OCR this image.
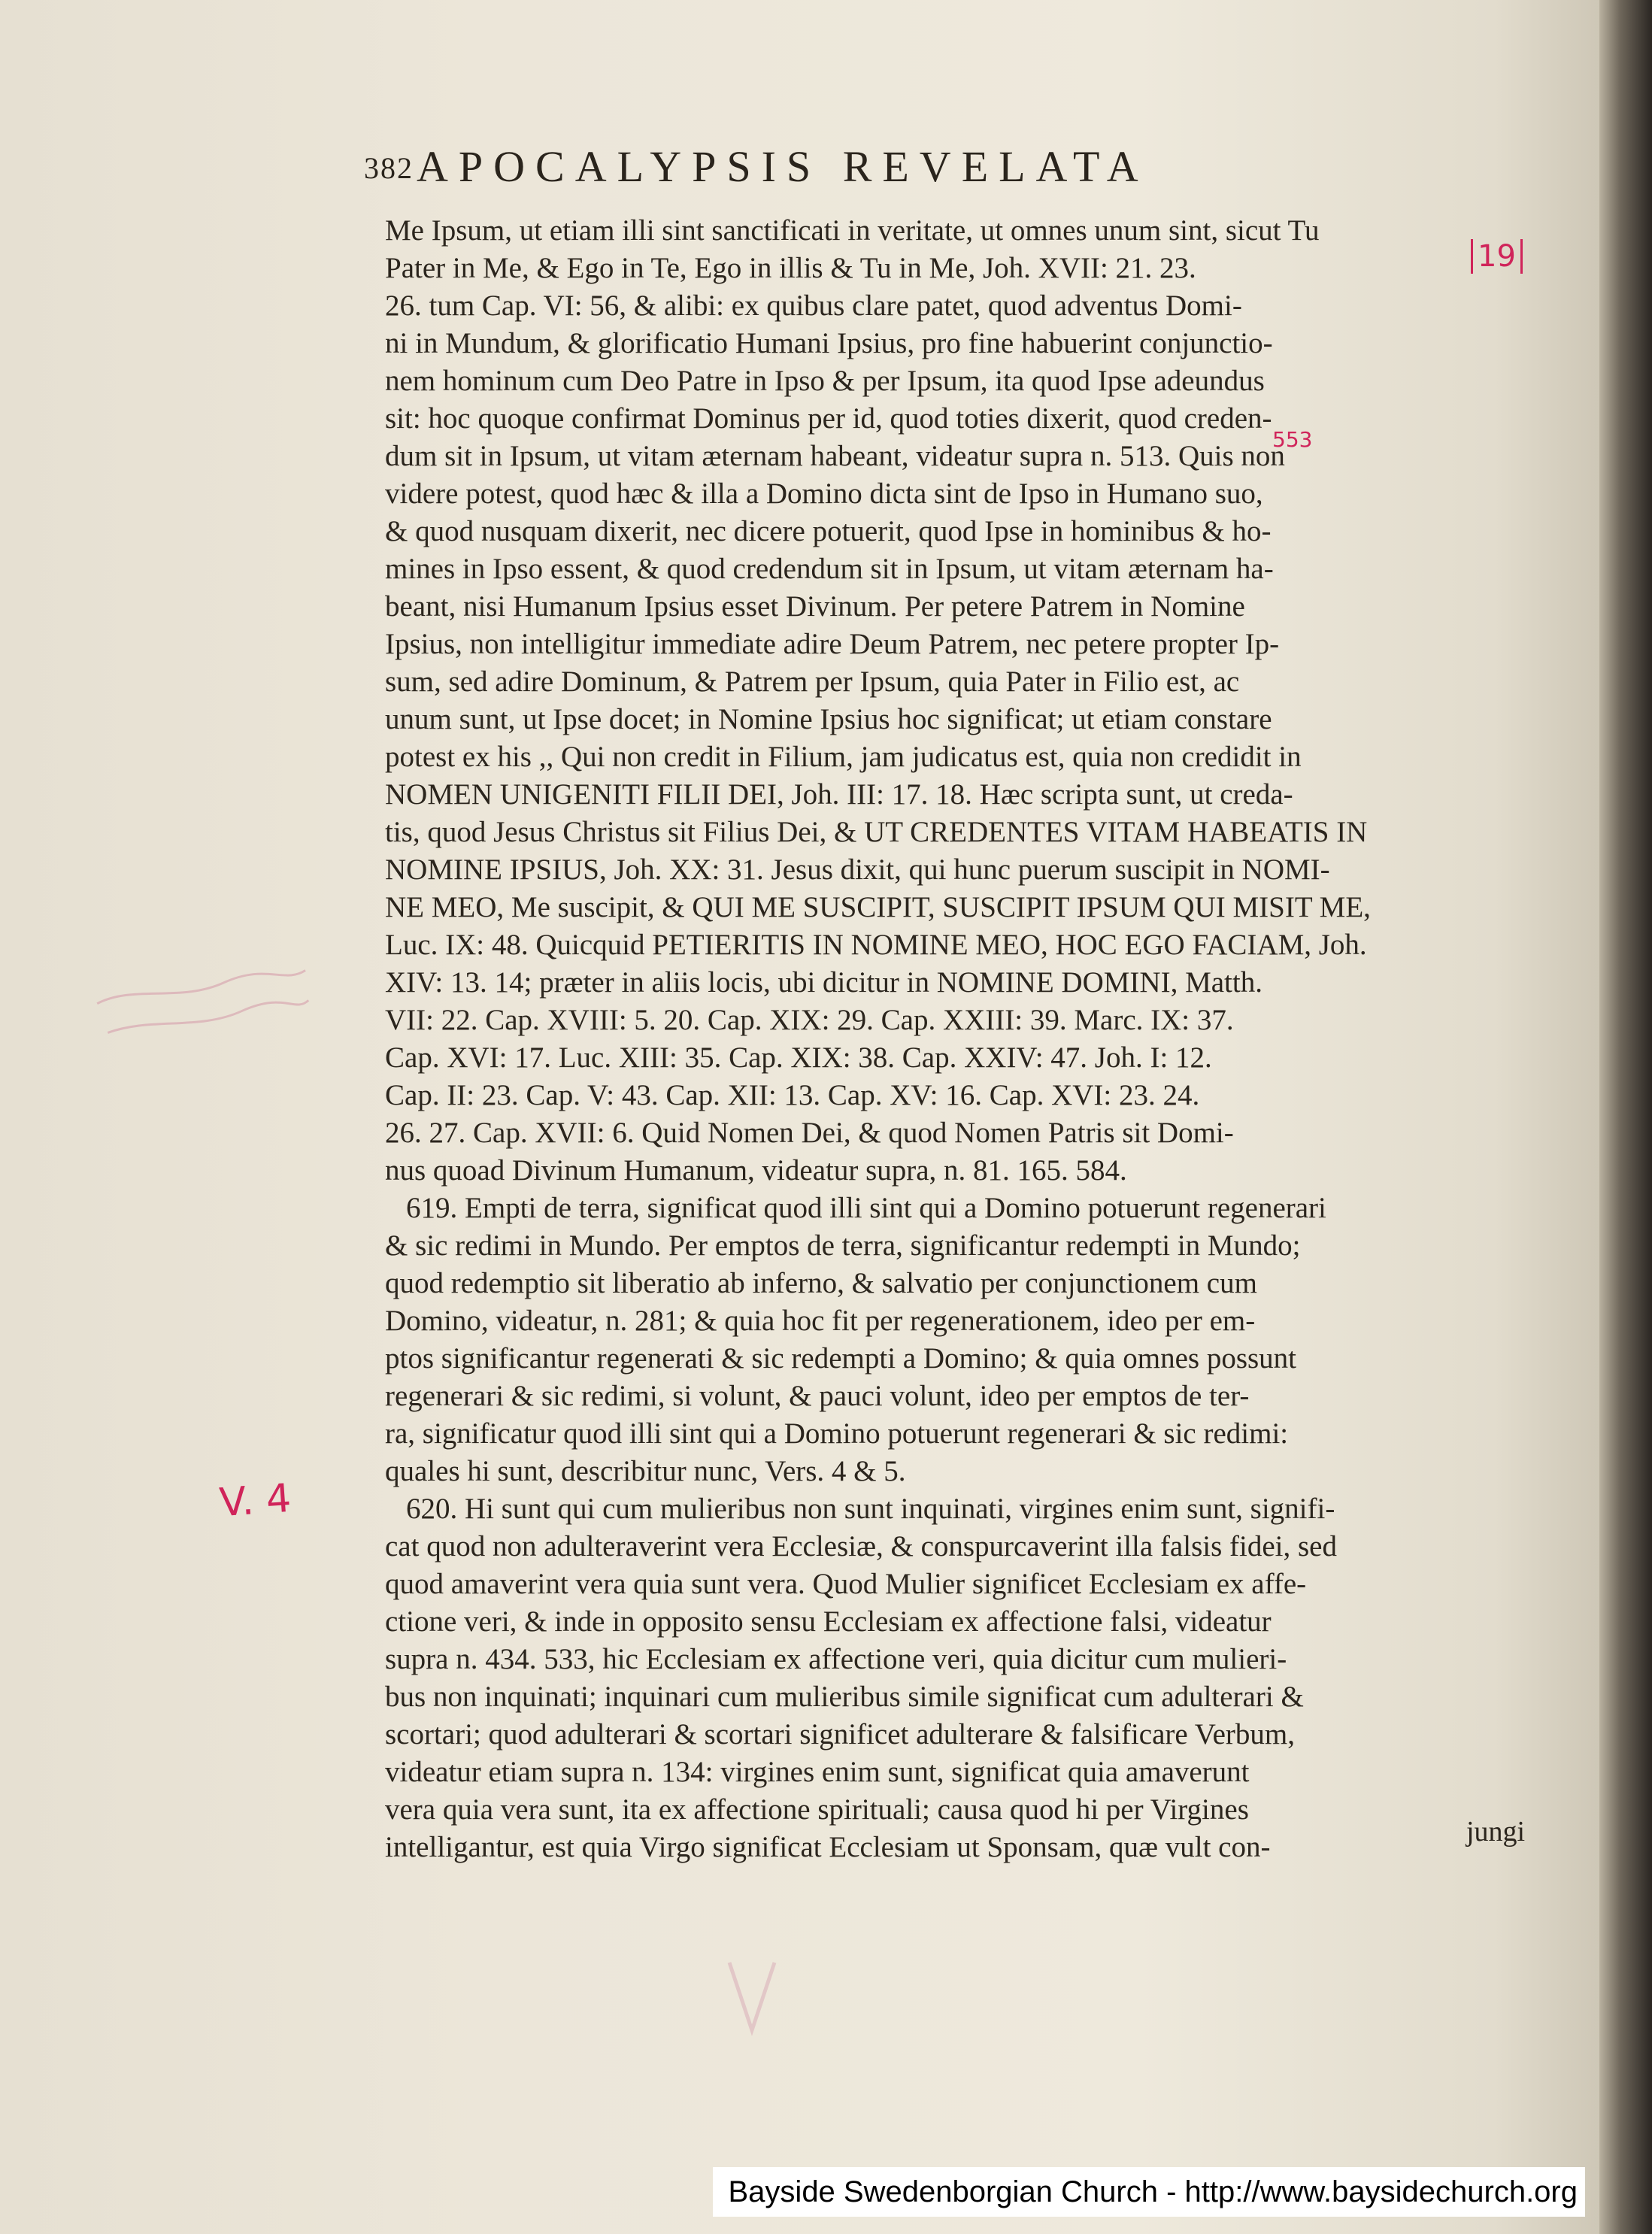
382 APOCALYPSIS REVELATA
Me Ipsum, ut etiam illi sint sanctificati in veritate, ut omnes unum sint, sicut Tu
Pater in Me, & Ego in Te, Ego in illis & Tu in Me, Joh. XVII: 21. 23.
26. tum Cap. VI: 56, & alibi: ex quibus clare patet, quod adventus Domi-
ni in Mundum, & glorificatio Humani Ipsius, pro fine habuerint conjunctio-
nem hominum cum Deo Patre in Ipso & per Ipsum, ita quod Ipse adeundus
sit: hoc quoque confirmat Dominus per id, quod toties dixerit, quod creden-
dum sit in Ipsum, ut vitam æternam habeant, videatur supra n. 513. Quis non
videre potest, quod hæc & illa a Domino dicta sint de Ipso in Humano suo,
& quod nusquam dixerit, nec dicere potuerit, quod Ipse in hominibus & ho-
mines in Ipso essent, & quod credendum sit in Ipsum, ut vitam æternam ha-
beant, nisi Humanum Ipsius esset Divinum. Per petere Patrem in Nomine
Ipsius, non intelligitur immediate adire Deum Patrem, nec petere propter Ip-
sum, sed adire Dominum, & Patrem per Ipsum, quia Pater in Filio est, ac
unum sunt, ut Ipse docet; in Nomine Ipsius hoc significat; ut etiam constare
potest ex his ,, Qui non credit in Filium, jam judicatus est, quia non credidit in
NOMEN UNIGENITI FILII DEI, Joh. III: 17. 18. Hæc scripta sunt, ut creda-
tis, quod Jesus Christus sit Filius Dei, & UT CREDENTES VITAM HABEATIS IN
NOMINE IPSIUS, Joh. XX: 31. Jesus dixit, qui hunc puerum suscipit in NOMI-
NE MEO, Me suscipit, & QUI ME SUSCIPIT, SUSCIPIT IPSUM QUI MISIT ME,
Luc. IX: 48. Quicquid PETIERITIS IN NOMINE MEO, HOC EGO FACIAM, Joh.
XIV: 13. 14; præter in aliis locis, ubi dicitur in NOMINE DOMINI, Matth.
VII: 22. Cap. XVIII: 5. 20. Cap. XIX: 29. Cap. XXIII: 39. Marc. IX: 37.
Cap. XVI: 17. Luc. XIII: 35. Cap. XIX: 38. Cap. XXIV: 47. Joh. I: 12.
Cap. II: 23. Cap. V: 43. Cap. XII: 13. Cap. XV: 16. Cap. XVI: 23. 24.
26. 27. Cap. XVII: 6. Quid Nomen Dei, & quod Nomen Patris sit Domi-
nus quoad Divinum Humanum, videatur supra, n. 81. 165. 584.
619. Empti de terra, significat quod illi sint qui a Domino potuerunt regenerari
& sic redimi in Mundo. Per emptos de terra, significantur redempti in Mundo;
quod redemptio sit liberatio ab inferno, & salvatio per conjunctionem cum
Domino, videatur, n. 281; & quia hoc fit per regenerationem, ideo per em-
ptos significantur regenerati & sic redempti a Domino; & quia omnes possunt
regenerari & sic redimi, si volunt, & pauci volunt, ideo per emptos de ter-
ra, significatur quod illi sint qui a Domino potuerunt regenerari & sic redimi:
quales hi sunt, describitur nunc, Vers. 4 & 5.
620. Hi sunt qui cum mulieribus non sunt inquinati, virgines enim sunt, signifi-
cat quod non adulteraverint vera Ecclesiæ, & conspurcaverint illa falsis fidei, sed
quod amaverint vera quia sunt vera. Quod Mulier significet Ecclesiam ex affe-
ctione veri, & inde in opposito sensu Ecclesiam ex affectione falsi, videatur
supra n. 434. 533, hic Ecclesiam ex affectione veri, quia dicitur cum mulieri-
bus non inquinati; inquinari cum mulieribus simile significat cum adulterari &
scortari; quod adulterari & scortari significet adulterare & falsificare Verbum,
videatur etiam supra n. 134: virgines enim sunt, significat quia amaverunt
vera quia vera sunt, ita ex affectione spirituali; causa quod hi per Virgines
intelligantur, est quia Virgo significat Ecclesiam ut Sponsam, quæ vult con-	jungi
19
553
V. 4
Bayside Swedenborgian Church - http://www.baysidechurch.org
